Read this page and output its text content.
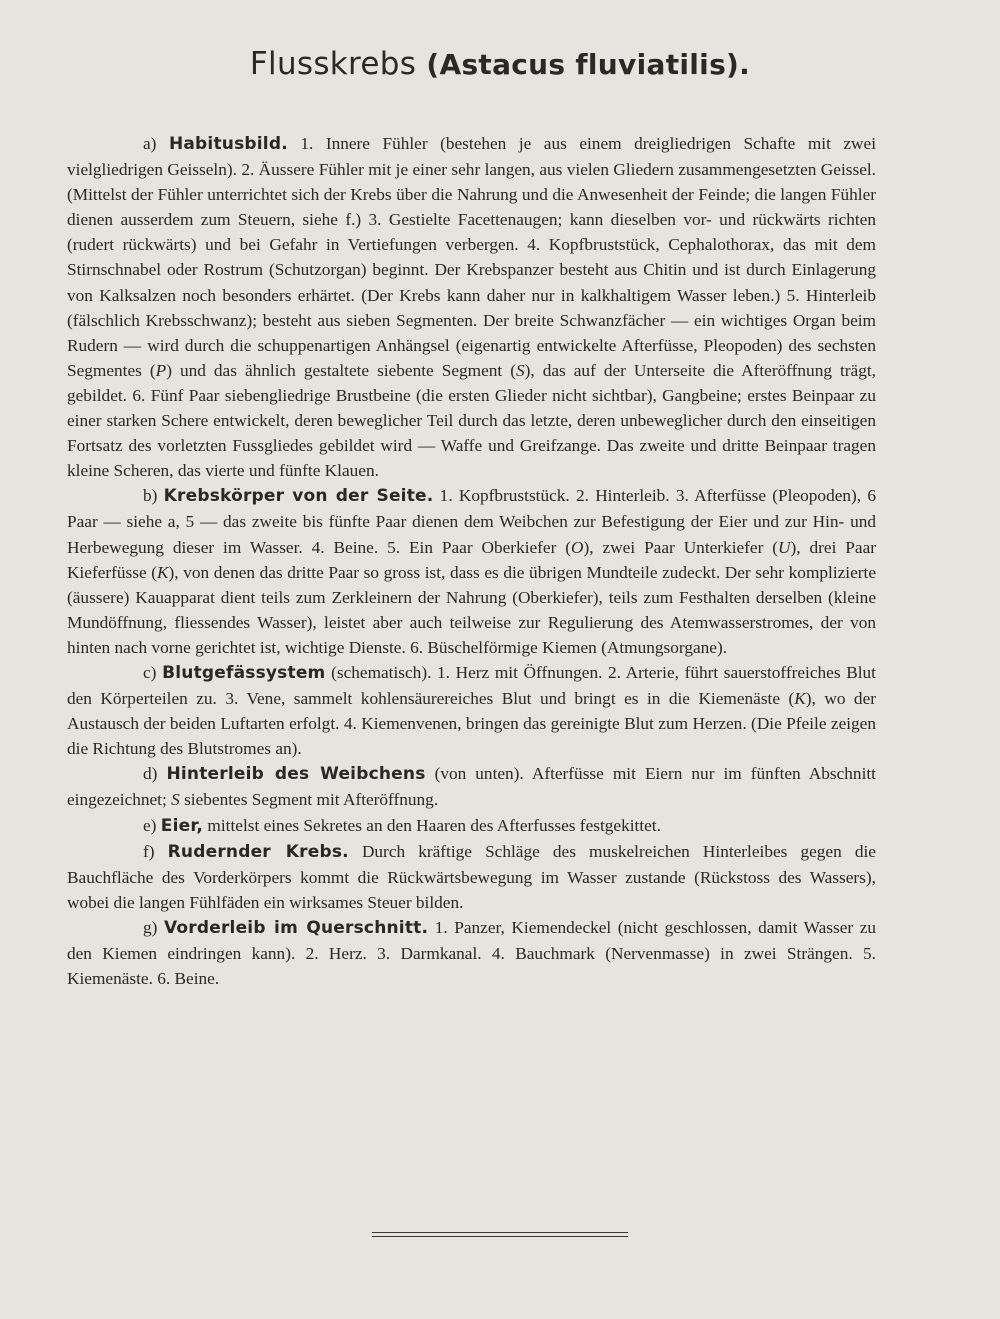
Flusskrebs (Astacus fluviatilis).

a) Habitusbild. 1. Innere Fühler (bestehen je aus einem dreigliedrigen Schafte mit zwei vielgliedrigen Geisseln). 2. Äussere Fühler mit je einer sehr langen, aus vielen Gliedern zusammengesetzten Geissel. (Mittelst der Fühler unterrichtet sich der Krebs über die Nahrung und die Anwesenheit der Feinde; die langen Fühler dienen ausserdem zum Steuern, siehe f.) 3. Gestielte Facettenaugen; kann dieselben vor- und rückwärts richten (rudert rückwärts) und bei Gefahr in Vertiefungen verbergen. 4. Kopfbruststück, Cephalothorax, das mit dem Stirnschnabel oder Rostrum (Schutzorgan) beginnt. Der Krebspanzer besteht aus Chitin und ist durch Einlagerung von Kalksalzen noch besonders erhärtet. (Der Krebs kann daher nur in kalkhaltigem Wasser leben.) 5. Hinterleib (fälschlich Krebsschwanz); besteht aus sieben Segmenten. Der breite Schwanzfächer — ein wichtiges Organ beim Rudern — wird durch die schuppenartigen Anhängsel (eigenartig entwickelte Afterfüsse, Pleopoden) des sechsten Segmentes (P) und das ähnlich gestaltete siebente Segment (S), das auf der Unterseite die Afteröffnung trägt, gebildet. 6. Fünf Paar siebengliedrige Brustbeine (die ersten Glieder nicht sichtbar), Gangbeine; erstes Beinpaar zu einer starken Schere entwickelt, deren beweglicher Teil durch das letzte, deren unbeweglicher durch den einseitigen Fortsatz des vorletzten Fussgliedes gebildet wird — Waffe und Greifzange. Das zweite und dritte Beinpaar tragen kleine Scheren, das vierte und fünfte Klauen.

b) Krebskörper von der Seite. 1. Kopfbruststück. 2. Hinterleib. 3. Afterfüsse (Pleopoden), 6 Paar — siehe a, 5 — das zweite bis fünfte Paar dienen dem Weibchen zur Befestigung der Eier und zur Hin- und Herbewegung dieser im Wasser. 4. Beine. 5. Ein Paar Oberkiefer (O), zwei Paar Unterkiefer (U), drei Paar Kieferfüsse (K), von denen das dritte Paar so gross ist, dass es die übrigen Mundteile zudeckt. Der sehr komplizierte (äussere) Kauapparat dient teils zum Zerkleinern der Nahrung (Oberkiefer), teils zum Festhalten derselben (kleine Mundöffnung, fliessendes Wasser), leistet aber auch teilweise zur Regulierung des Atemwasserstromes, der von hinten nach vorne gerichtet ist, wichtige Dienste. 6. Büschelförmige Kiemen (Atmungsorgane).

c) Blutgefässystem (schematisch). 1. Herz mit Öffnungen. 2. Arterie, führt sauerstoffreiches Blut den Körperteilen zu. 3. Vene, sammelt kohlensäurereiches Blut und bringt es in die Kiemenäste (K), wo der Austausch der beiden Luftarten erfolgt. 4. Kiemenvenen, bringen das gereinigte Blut zum Herzen. (Die Pfeile zeigen die Richtung des Blutstromes an).

d) Hinterleib des Weibchens (von unten). Afterfüsse mit Eiern nur im fünften Abschnitt eingezeichnet; S siebentes Segment mit Afteröffnung.

e) Eier, mittelst eines Sekretes an den Haaren des Afterfusses festgekittet.

f) Rudernder Krebs. Durch kräftige Schläge des muskelreichen Hinterleibes gegen die Bauchfläche des Vorderkörpers kommt die Rückwärtsbewegung im Wasser zustande (Rückstoss des Wassers), wobei die langen Fühlfäden ein wirksames Steuer bilden.

g) Vorderleib im Querschnitt. 1. Panzer, Kiemendeckel (nicht geschlossen, damit Wasser zu den Kiemen eindringen kann). 2. Herz. 3. Darmkanal. 4. Bauchmark (Nervenmasse) in zwei Strängen. 5. Kiemenäste. 6. Beine.
